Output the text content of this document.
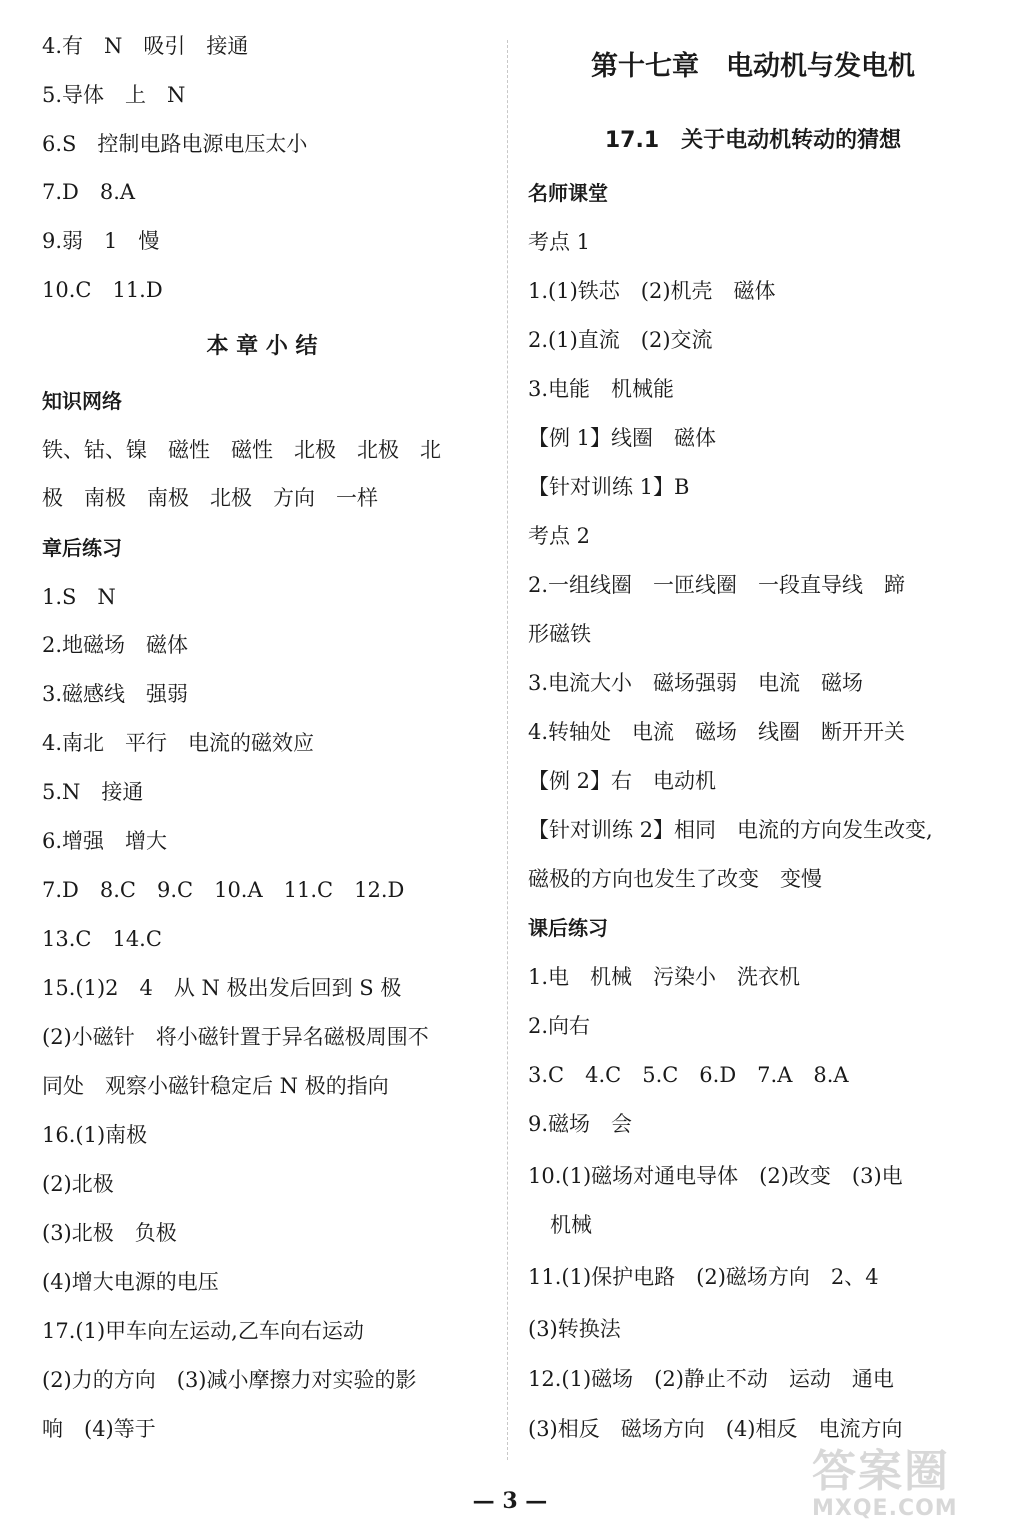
4.有　N　吸引　接通
5.导体　上　N
6.S　控制电路电源电压太小
7.D　8.A
9.弱　1　慢
10.C　11.D
本 章 小 结
知识网络
铁、钴、镍　磁性　磁性　北极　北极　北
极　南极　南极　北极　方向　一样
章后练习
1.S　N
2.地磁场　磁体
3.磁感线　强弱
4.南北　平行　电流的磁效应
5.N　接通
6.增强　增大
7.D　8.C　9.C　10.A　11.C　12.D
13.C　14.C
15.(1)2　4　从 N 极出发后回到 S 极
(2)小磁针　将小磁针置于异名磁极周围不
同处　观察小磁针稳定后 N 极的指向
16.(1)南极
(2)北极
(3)北极　负极
(4)增大电源的电压
17.(1)甲车向左运动,乙车向右运动
(2)力的方向　(3)减小摩擦力对实验的影
响　(4)等于
第十七章　电动机与发电机
17.1　关于电动机转动的猜想
名师课堂
考点 1
1.(1)铁芯　(2)机壳　磁体
2.(1)直流　(2)交流
3.电能　机械能
【例 1】线圈　磁体
【针对训练 1】B
考点 2
2.一组线圈　一匝线圈　一段直导线　蹄
形磁铁
3.电流大小　磁场强弱　电流　磁场
4.转轴处　电流　磁场　线圈　断开开关
【例 2】右　电动机
【针对训练 2】相同　电流的方向发生改变,
磁极的方向也发生了改变　变慢
课后练习
1.电　机械　污染小　洗衣机
2.向右
3.C　4.C　5.C　6.D　7.A　8.A
9.磁场　会
10.(1)磁场对通电导体　(2)改变　(3)电
机械
11.(1)保护电路　(2)磁场方向　2、4
(3)转换法
12.(1)磁场　(2)静止不动　运动　通电
(3)相反　磁场方向　(4)相反　电流方向
— 3 —
答案圈
MXQE.COM
